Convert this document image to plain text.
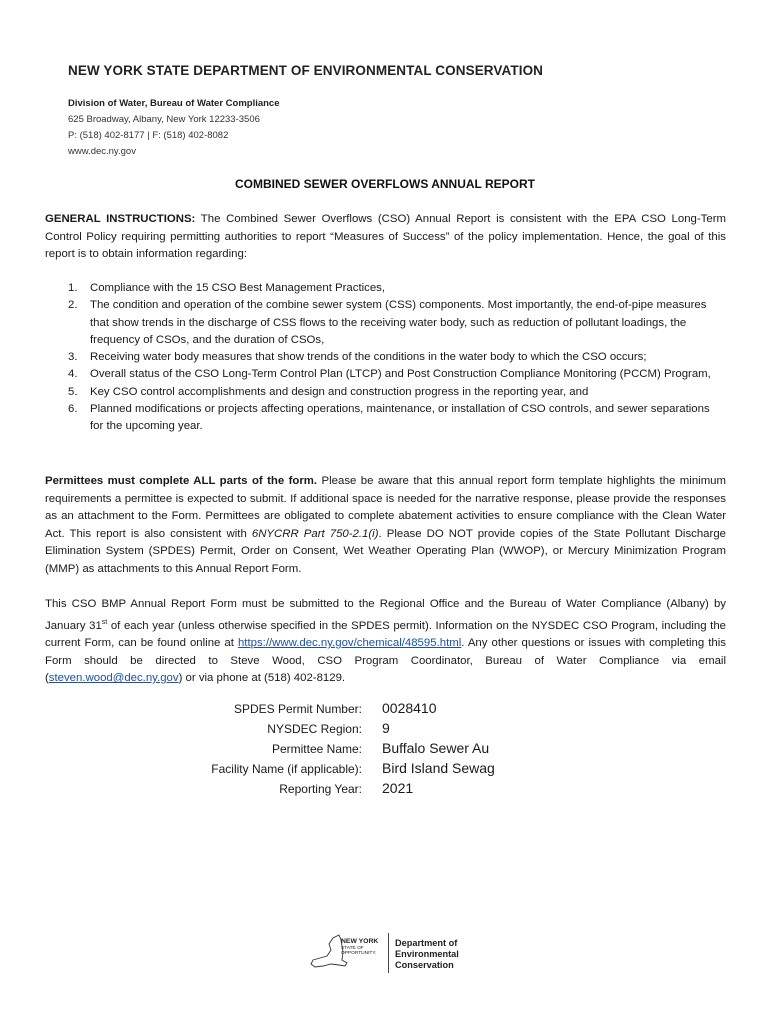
NEW YORK STATE DEPARTMENT OF ENVIRONMENTAL CONSERVATION
Division of Water, Bureau of Water Compliance
625 Broadway, Albany, New York 12233-3506
P: (518) 402-8177 | F: (518) 402-8082
www.dec.ny.gov
COMBINED SEWER OVERFLOWS ANNUAL REPORT
GENERAL INSTRUCTIONS: The Combined Sewer Overflows (CSO) Annual Report is consistent with the EPA CSO Long-Term Control Policy requiring permitting authorities to report “Measures of Success” of the policy implementation. Hence, the goal of this report is to obtain information regarding:
1. Compliance with the 15 CSO Best Management Practices,
2. The condition and operation of the combine sewer system (CSS) components. Most importantly, the end-of-pipe measures that show trends in the discharge of CSS flows to the receiving water body, such as reduction of pollutant loadings, the frequency of CSOs, and the duration of CSOs,
3. Receiving water body measures that show trends of the conditions in the water body to which the CSO occurs;
4. Overall status of the CSO Long-Term Control Plan (LTCP) and Post Construction Compliance Monitoring (PCCM) Program,
5. Key CSO control accomplishments and design and construction progress in the reporting year, and
6. Planned modifications or projects affecting operations, maintenance, or installation of CSO controls, and sewer separations for the upcoming year.
Permittees must complete ALL parts of the form. Please be aware that this annual report form template highlights the minimum requirements a permittee is expected to submit. If additional space is needed for the narrative response, please provide the responses as an attachment to the Form. Permittees are obligated to complete abatement activities to ensure compliance with the Clean Water Act. This report is also consistent with 6NYCRR Part 750-2.1(i). Please DO NOT provide copies of the State Pollutant Discharge Elimination System (SPDES) Permit, Order on Consent, Wet Weather Operating Plan (WWOP), or Mercury Minimization Program (MMP) as attachments to this Annual Report Form.
This CSO BMP Annual Report Form must be submitted to the Regional Office and the Bureau of Water Compliance (Albany) by January 31st of each year (unless otherwise specified in the SPDES permit). Information on the NYSDEC CSO Program, including the current Form, can be found online at https://www.dec.ny.gov/chemical/48595.html. Any other questions or issues with completing this Form should be directed to Steve Wood, CSO Program Coordinator, Bureau of Water Compliance via email (steven.wood@dec.ny.gov) or via phone at (518) 402-8129.
SPDES Permit Number:	0028410
NYSDEC Region:	9
Permittee Name:	Buffalo Sewer Au
Facility Name (if applicable):	Bird Island Sewag
Reporting Year:	2021
NEW YORK
STATE OF
OPPORTUNITY.
Department of
Environmental
Conservation
